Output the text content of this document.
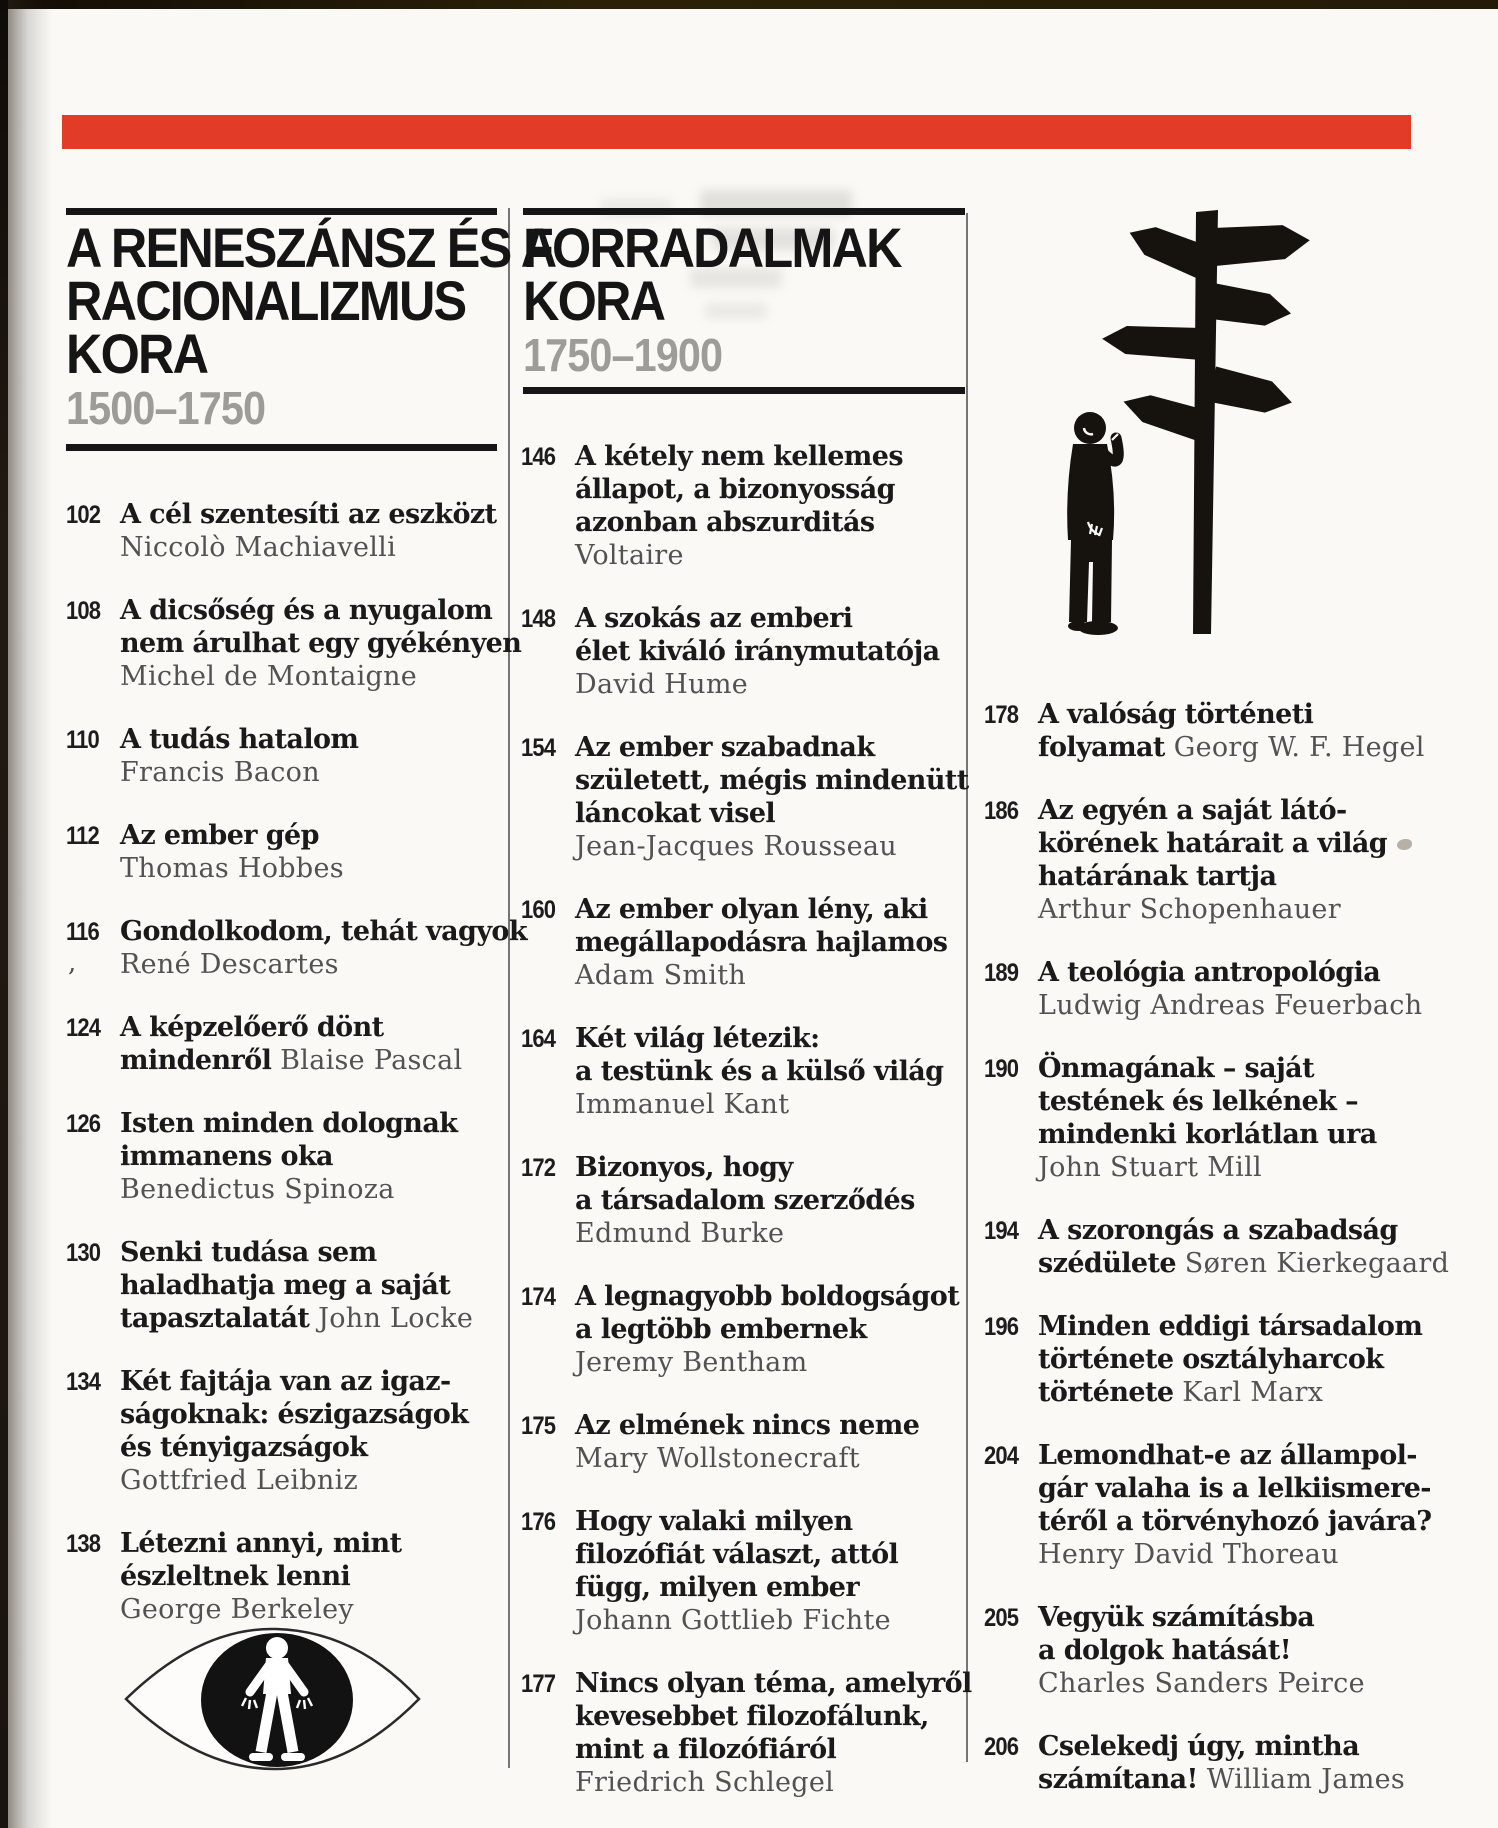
A RENESZÁNSZ ÉS A
RACIONALIZMUS
KORA
1500–1750
FORRADALMAK
KORA
1750–1900
102 A cél szentesíti az eszközt
Niccolò Machiavelli
108 A dicsőség és a nyugalom
nem árulhat egy gyékényen
Michel de Montaigne
110 A tudás hatalom
Francis Bacon
112 Az ember gép
Thomas Hobbes
116 Gondolkodom, tehát vagyok
René Descartes
124 A képzelőerő dönt
mindenről Blaise Pascal

126 Isten minden dolognak
immanens oka
Benedictus Spinoza
130 Senki tudása sem
haladhatja meg a saját
tapasztalatát John Locke

134 Két fajtája van az igaz-
ságoknak: észigazságok
és tényigazságok
Gottfried Leibniz
138 Létezni annyi, mint
észleltnek lenni
George Berkeley
146 A kétely nem kellemes
állapot, a bizonyosság
azonban abszurditás
Voltaire
148 A szokás az emberi
élet kiváló iránymutatója
David Hume
154 Az ember szabadnak
született, mégis mindenütt
láncokat visel
Jean-Jacques Rousseau
160 Az ember olyan lény, aki
megállapodásra hajlamos
Adam Smith
164 Két világ létezik:
a testünk és a külső világ
Immanuel Kant
172 Bizonyos, hogy
a társadalom szerződés
Edmund Burke
174 A legnagyobb boldogságot
a legtöbb embernek
Jeremy Bentham
175 Az elmének nincs neme
Mary Wollstonecraft
176 Hogy valaki milyen
filozófiát választ, attól
függ, milyen ember
Johann Gottlieb Fichte
177 Nincs olyan téma, amelyről
kevesebbet filozofálunk,
mint a filozófiáról
Friedrich Schlegel
178 A valóság történeti
folyamat Georg W. F. Hegel

186 Az egyén a saját látó-
körének határait a világ
határának tartja
Arthur Schopenhauer
189 A teológia antropológia
Ludwig Andreas Feuerbach
190 Önmagának – saját
testének és lelkének –
mindenki korlátlan ura
John Stuart Mill
194 A szorongás a szabadság
szédülete Søren Kierkegaard

196 Minden eddigi társadalom
története osztályharcok
története Karl Marx

204 Lemondhat-e az állampol-
gár valaha is a lelkiismere-
téről a törvényhozó javára?
Henry David Thoreau
205 Vegyük számításba
a dolgok hatását!
Charles Sanders Peirce
206 Cselekedj úgy, mintha
számítana! William James

,
